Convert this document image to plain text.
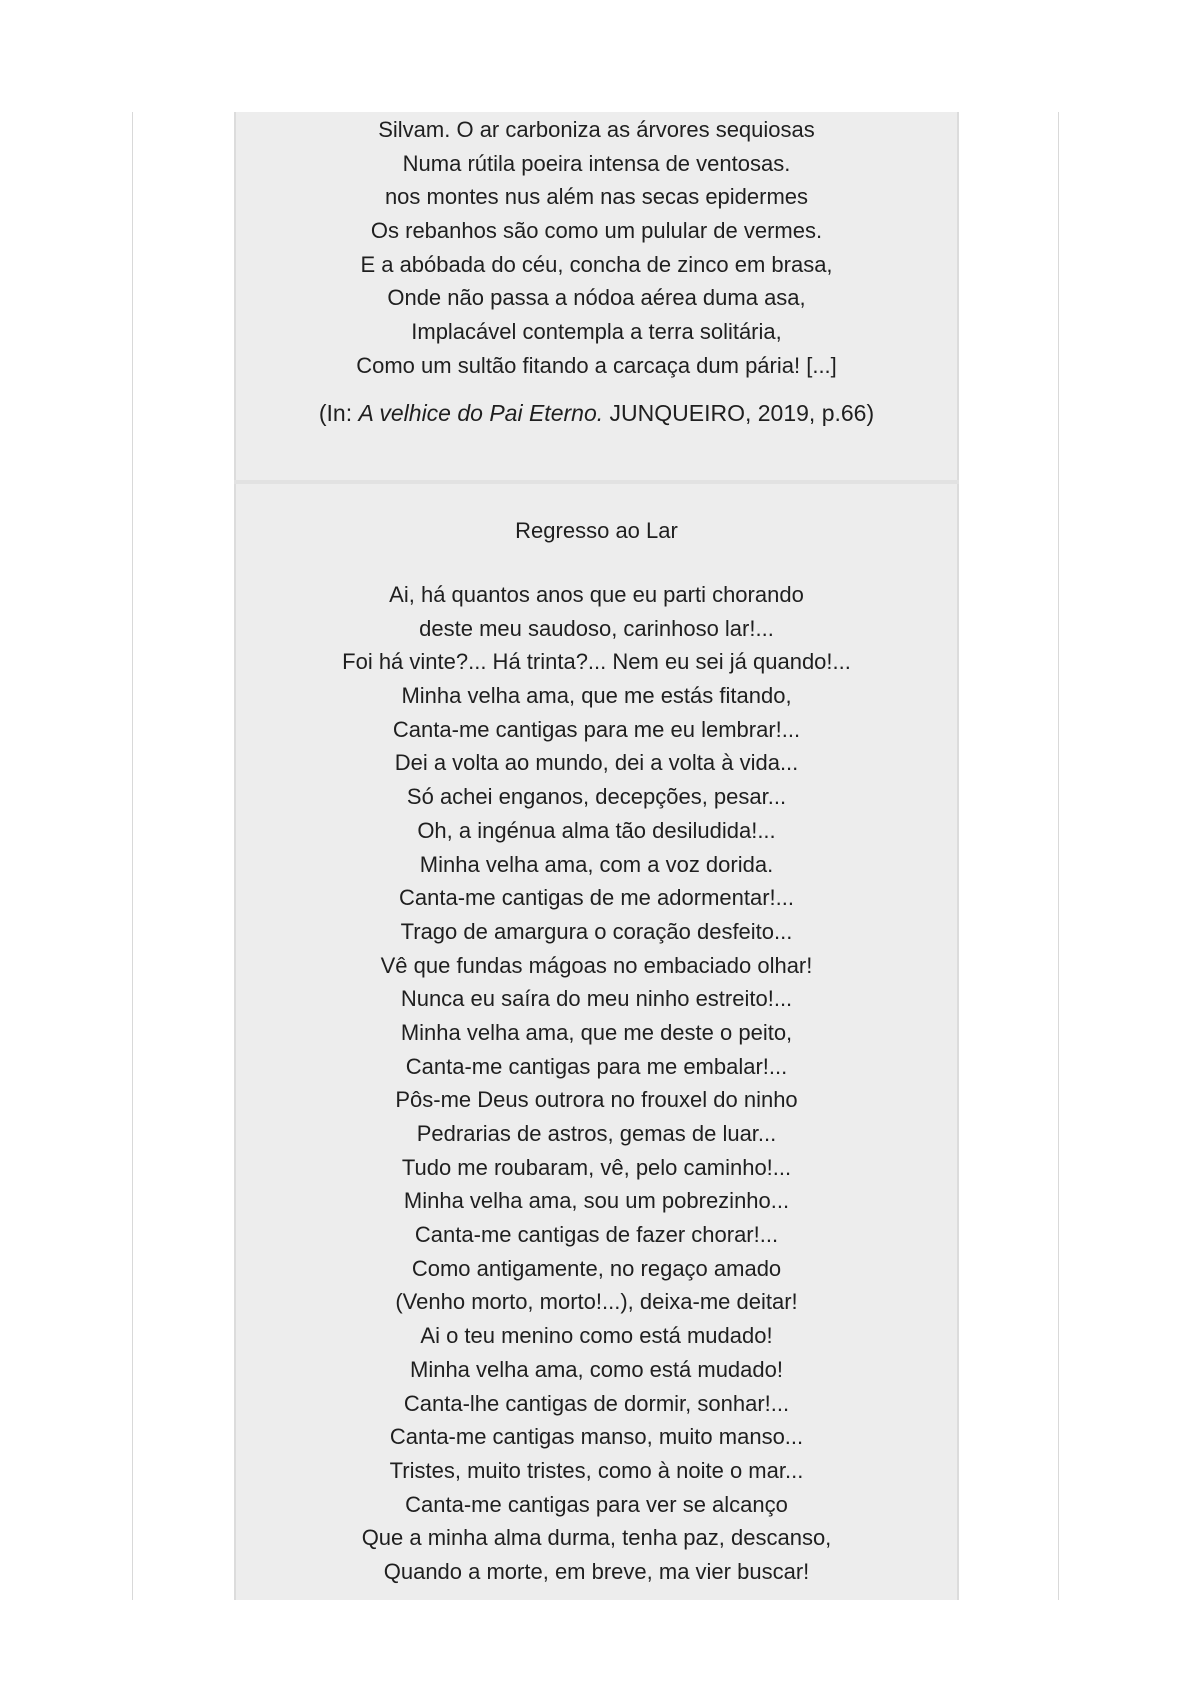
Silvam. O ar carboniza as árvores sequiosas
Numa rútila poeira intensa de ventosas.
nos montes nus além nas secas epidermes
Os rebanhos são como um pulular de vermes.
E a abóbada do céu, concha de zinco em brasa,
Onde não passa a nódoa aérea duma asa,
Implacável contempla a terra solitária,
Como um sultão fitando a carcaça dum pária! [...]

(In: A velhice do Pai Eterno. JUNQUEIRO, 2019, p.66)

Regresso ao Lar
Ai, há quantos anos que eu parti chorando
deste meu saudoso, carinhoso lar!...
Foi há vinte?... Há trinta?... Nem eu sei já quando!...
Minha velha ama, que me estás fitando,
Canta-me cantigas para me eu lembrar!...
Dei a volta ao mundo, dei a volta à vida...
Só achei enganos, decepções, pesar...
Oh, a ingénua alma tão desiludida!...
Minha velha ama, com a voz dorida.
Canta-me cantigas de me adormentar!...
Trago de amargura o coração desfeito...
Vê que fundas mágoas no embaciado olhar!
Nunca eu saíra do meu ninho estreito!...
Minha velha ama, que me deste o peito,
Canta-me cantigas para me embalar!...
Pôs-me Deus outrora no frouxel do ninho
Pedrarias de astros, gemas de luar...
Tudo me roubaram, vê, pelo caminho!...
Minha velha ama, sou um pobrezinho...
Canta-me cantigas de fazer chorar!...
Como antigamente, no regaço amado
(Venho morto, morto!...), deixa-me deitar!
Ai o teu menino como está mudado!
Minha velha ama, como está mudado!
Canta-lhe cantigas de dormir, sonhar!...
Canta-me cantigas manso, muito manso...
Tristes, muito tristes, como à noite o mar...
Canta-me cantigas para ver se alcanço
Que a minha alma durma, tenha paz, descanso,
Quando a morte, em breve, ma vier buscar!
